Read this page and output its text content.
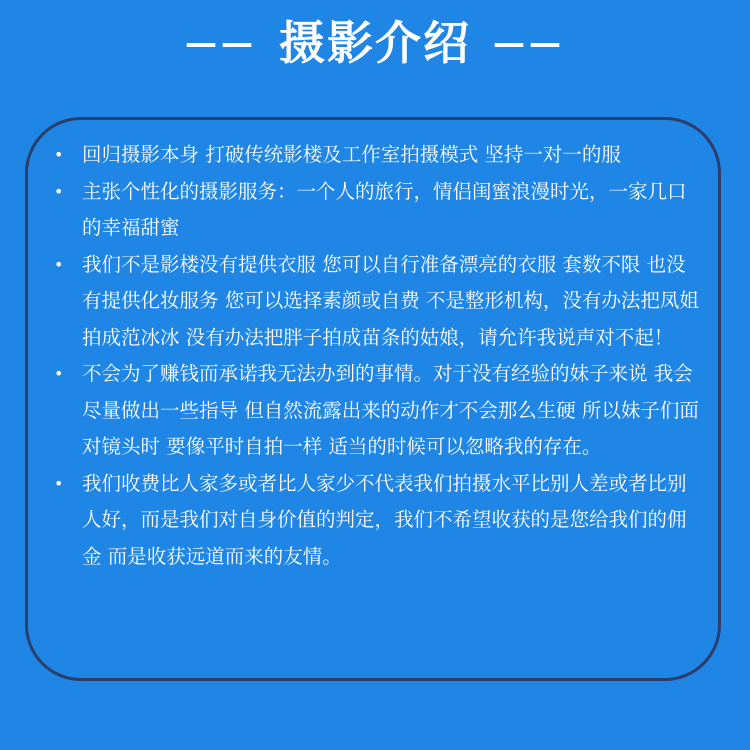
—— 摄影介绍 ——
• 回归摄影本身 打破传统影楼及工作室拍摄模式 坚持一对一的服
• 主张个性化的摄影服务：一个人的旅行，情侣闺蜜浪漫时光，一家几口的幸福甜蜜
• 我们不是影楼没有提供衣服 您可以自行准备漂亮的衣服 套数不限 也没有提供化妆服务 您可以选择素颜或自费 不是整形机构，没有办法把凤姐拍成范冰冰 没有办法把胖子拍成苗条的姑娘，请允许我说声对不起！
• 不会为了赚钱而承诺我无法办到的事情。对于没有经验的妹子来说 我会尽量做出一些指导 但自然流露出来的动作才不会那么生硬 所以妹子们面对镜头时 要像平时自拍一样 适当的时候可以忽略我的存在。
• 我们收费比人家多或者比人家少不代表我们拍摄水平比别人差或者比别人好，而是我们对自身价值的判定，我们不希望收获的是您给我们的佣金 而是收获远道而来的友情。
